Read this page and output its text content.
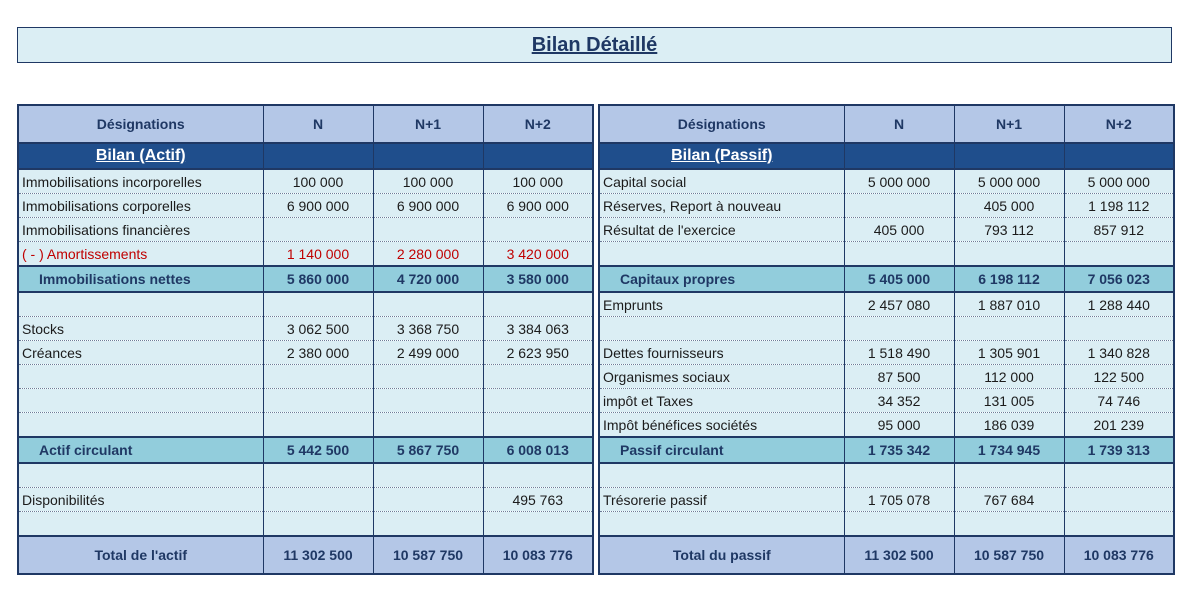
Bilan Détaillé
Désignations	N	N+1	N+2
Bilan (Actif)			
Immobilisations incorporelles	100 000	100 000	100 000
Immobilisations corporelles	6 900 000	6 900 000	6 900 000
Immobilisations financières			
( - ) Amortissements	1 140 000	2 280 000	3 420 000
Immobilisations nettes	5 860 000	4 720 000	3 580 000

Stocks	3 062 500	3 368 750	3 384 063
Créances	2 380 000	2 499 000	2 623 950

Actif circulant	5 442 500	5 867 750	6 008 013

Disponibilités			495 763

Total de l'actif	11 302 500	10 587 750	10 083 776
Désignations	N	N+1	N+2
Bilan (Passif)			
Capital social	5 000 000	5 000 000	5 000 000
Réserves, Report à nouveau		405 000	1 198 112
Résultat de l'exercice	405 000	793 112	857 912

Capitaux propres	5 405 000	6 198 112	7 056 023
Emprunts	2 457 080	1 887 010	1 288 440

Dettes fournisseurs	1 518 490	1 305 901	1 340 828
Organismes sociaux	87 500	112 000	122 500
impôt et Taxes	34 352	131 005	74 746
Impôt bénéfices sociétés	95 000	186 039	201 239
Passif circulant	1 735 342	1 734 945	1 739 313

Trésorerie passif	1 705 078	767 684	

Total du passif	11 302 500	10 587 750	10 083 776
